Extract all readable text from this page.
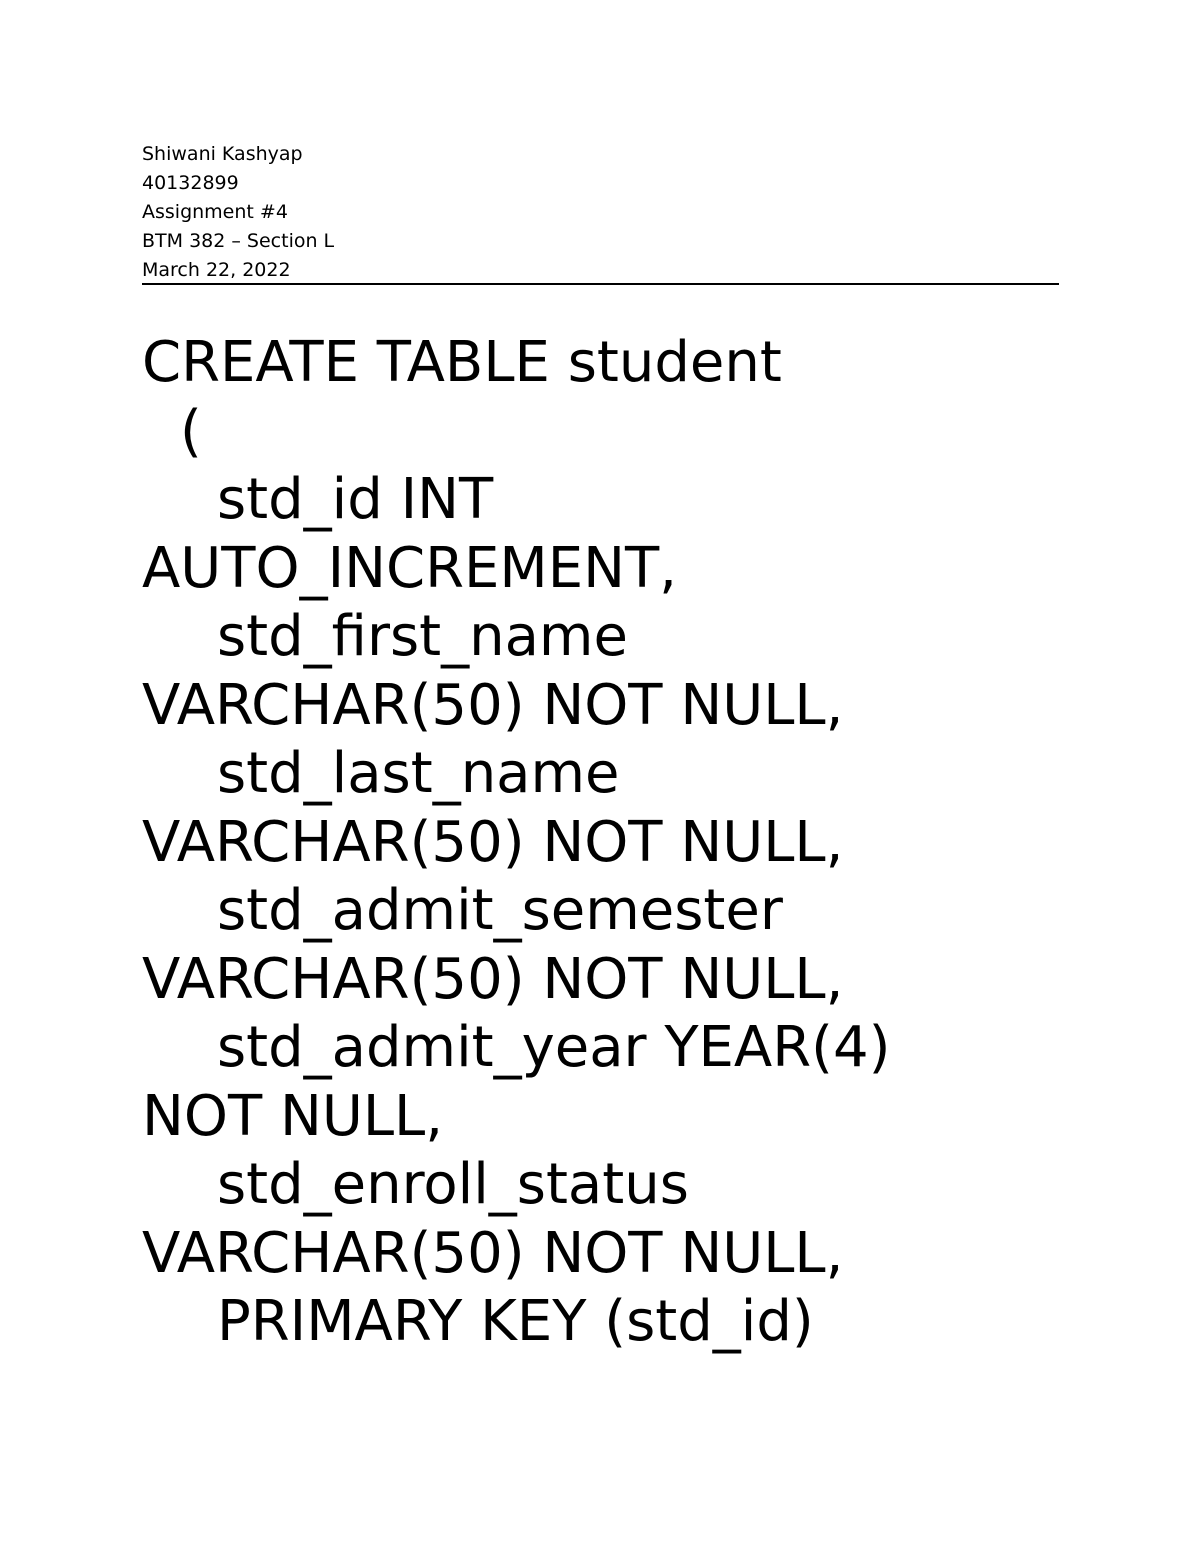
Shiwani Kashyap
40132899
Assignment #4
BTM 382 – Section L
March 22, 2022
CREATE TABLE student
(
std_id INT
AUTO_INCREMENT,
std_first_name
VARCHAR(50) NOT NULL,
std_last_name
VARCHAR(50) NOT NULL,
std_admit_semester
VARCHAR(50) NOT NULL,
std_admit_year YEAR(4)
NOT NULL,
std_enroll_status
VARCHAR(50) NOT NULL,
PRIMARY KEY (std_id)
